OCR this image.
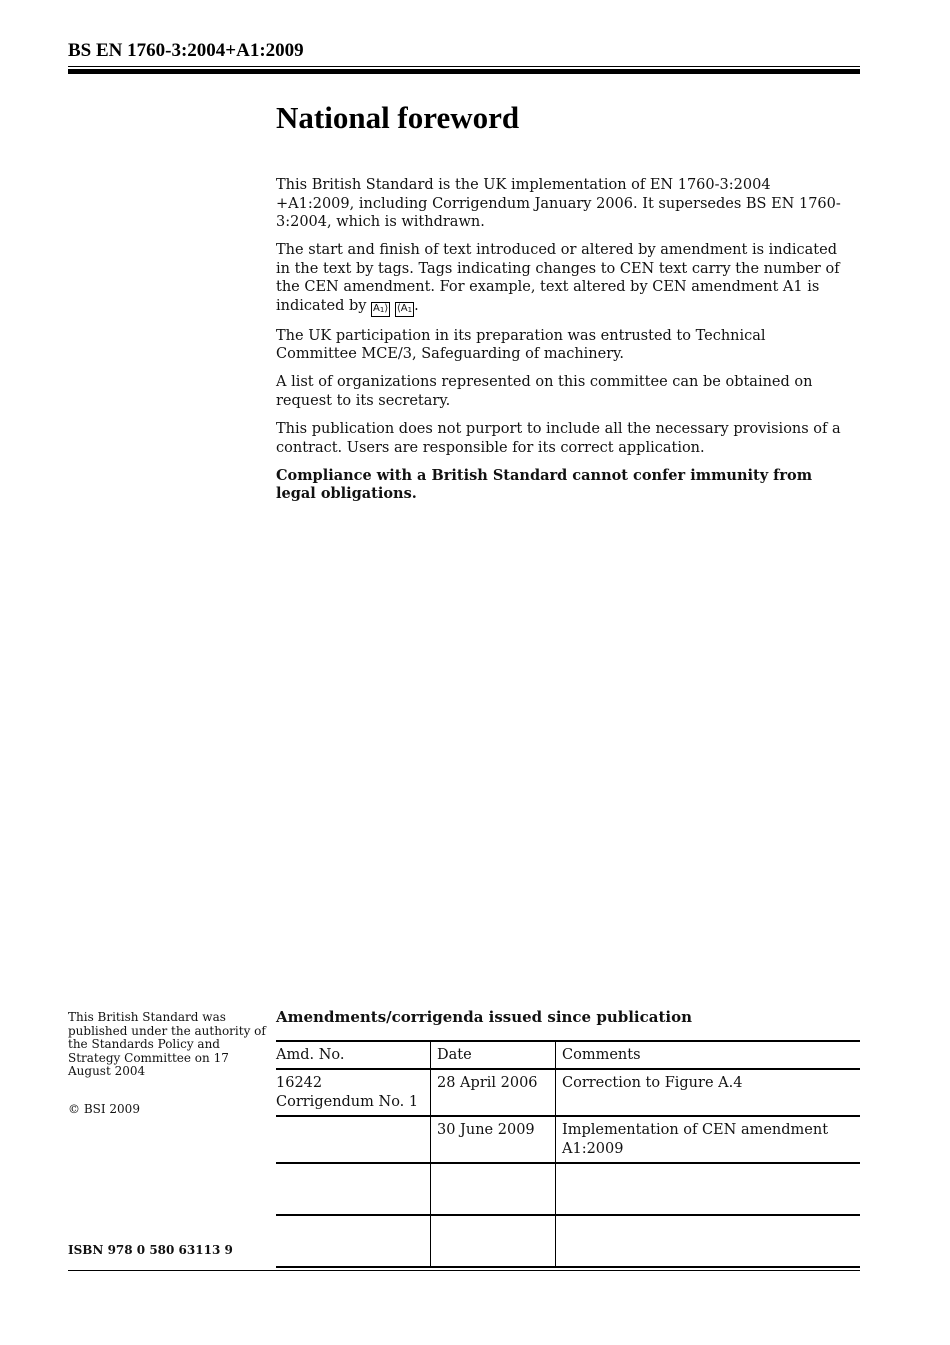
BS EN 1760-3:2004+A1:2009
National foreword

This British Standard is the UK implementation of EN 1760-3:2004 +A1:2009, including Corrigendum January 2006. It supersedes BS EN 1760-3:2004, which is withdrawn.

The start and finish of text introduced or altered by amendment is indicated in the text by tags. Tags indicating changes to CEN text carry the number of the CEN amendment. For example, text altered by CEN amendment A1 is indicated by $A_1⟩$ $⟨A_1$ .

The UK participation in its preparation was entrusted to Technical Committee MCE/3, Safeguarding of machinery.

A list of organizations represented on this committee can be obtained on request to its secretary.

This publication does not purport to include all the necessary provisions of a contract. Users are responsible for its correct application.

Compliance with a British Standard cannot confer immunity from legal obligations.

This British Standard was published under the authority of the Standards Policy and Strategy Committee on 17 August 2004
© BSI 2009
ISBN 978 0 580 63113 9
Amendments/corrigenda issued since publication
Amd. No.	Date	Comments

16242
Corrigendum No. 1	28 April 2006	Correction to Figure A.4
	30 June 2009	Implementation of CEN amendment A1:2009
